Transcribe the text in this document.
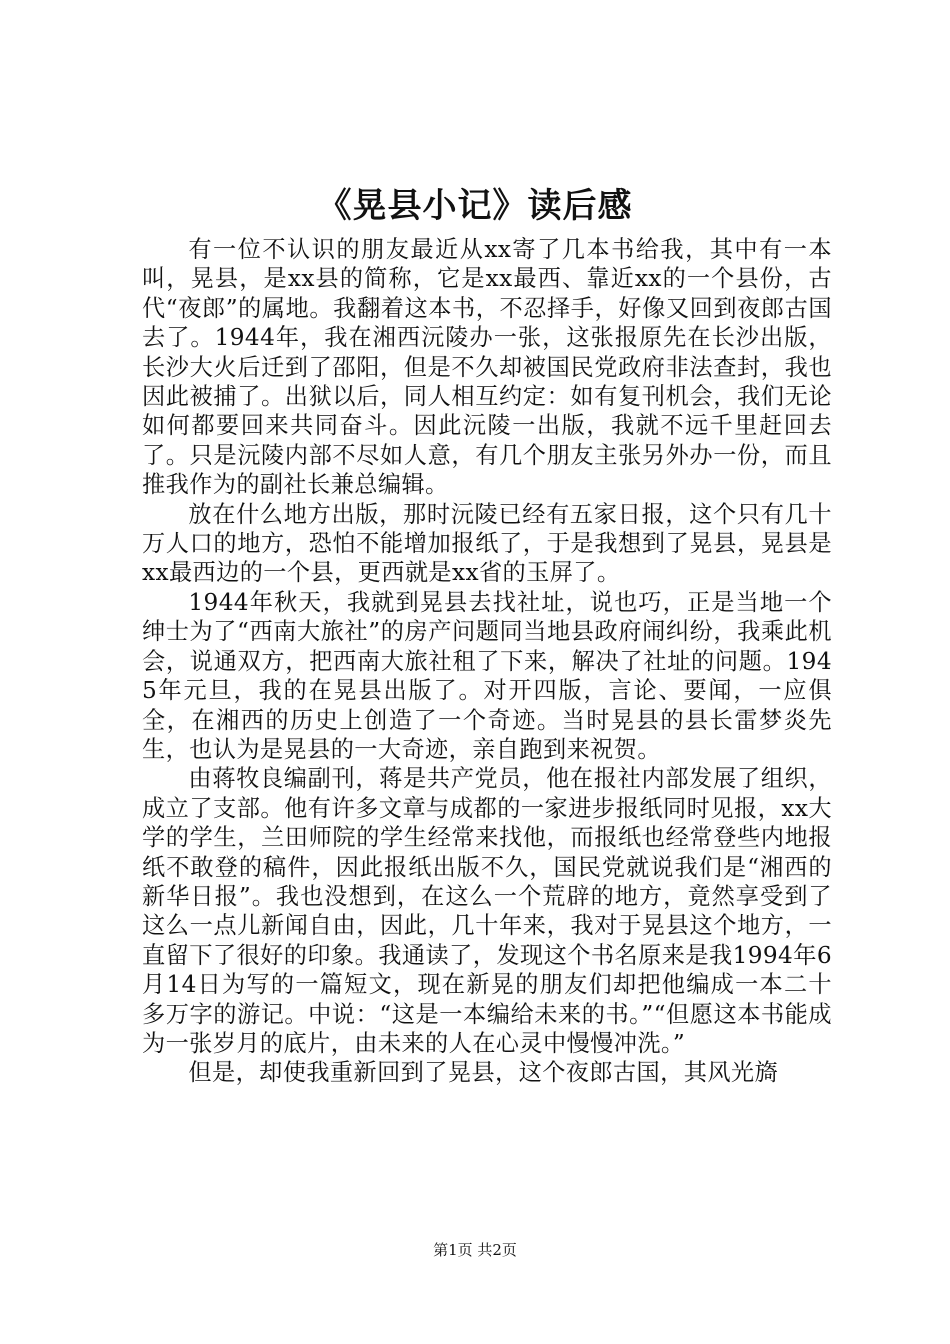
《晃县小记》读后感

有一位不认识的朋友最近从xx寄了几本书给我，其中有一本叫，晃县，是xx县的简称，它是xx最西、靠近xx的一个县份，古代“夜郎”的属地。我翻着这本书，不忍择手，好像又回到夜郎古国去了。1944年，我在湘西沅陵办一张，这张报原先在长沙出版，长沙大火后迁到了邵阳，但是不久却被国民党政府非法查封，我也因此被捕了。出狱以后，同人相互约定：如有复刊机会，我们无论如何都要回来共同奋斗。因此沅陵一出版，我就不远千里赶回去了。只是沅陵内部不尽如人意，有几个朋友主张另外办一份，而且推我作为的副社长兼总编辑。

放在什么地方出版，那时沅陵已经有五家日报，这个只有几十万人口的地方，恐怕不能增加报纸了，于是我想到了晃县，晃县是xx最西边的一个县，更西就是xx省的玉屏了。

1944年秋天，我就到晃县去找社址，说也巧，正是当地一个绅士为了“西南大旅社”的房产问题同当地县政府闹纠纷，我乘此机会，说通双方，把西南大旅社租了下来，解决了社址的问题。1945年元旦，我的在晃县出版了。对开四版，言论、要闻，一应俱全，在湘西的历史上创造了一个奇迹。当时晃县的县长雷梦炎先生，也认为是晃县的一大奇迹，亲自跑到来祝贺。

由蒋牧良编副刊，蒋是共产党员，他在报社内部发展了组织，成立了支部。他有许多文章与成都的一家进步报纸同时见报，xx大学的学生，兰田师院的学生经常来找他，而报纸也经常登些内地报纸不敢登的稿件，因此报纸出版不久，国民党就说我们是“湘西的新华日报”。我也没想到，在这么一个荒辟的地方，竟然享受到了这么一点儿新闻自由，因此，几十年来，我对于晃县这个地方，一直留下了很好的印象。我通读了，发现这个书名原来是我1994年6月14日为写的一篇短文，现在新晃的朋友们却把他编成一本二十多万字的游记。中说：“这是一本编给未来的书。”“但愿这本书能成为一张岁月的底片，由未来的人在心灵中慢慢冲洗。”

但是，却使我重新回到了晃县，这个夜郎古国，其风光旖

第1页 共2页
